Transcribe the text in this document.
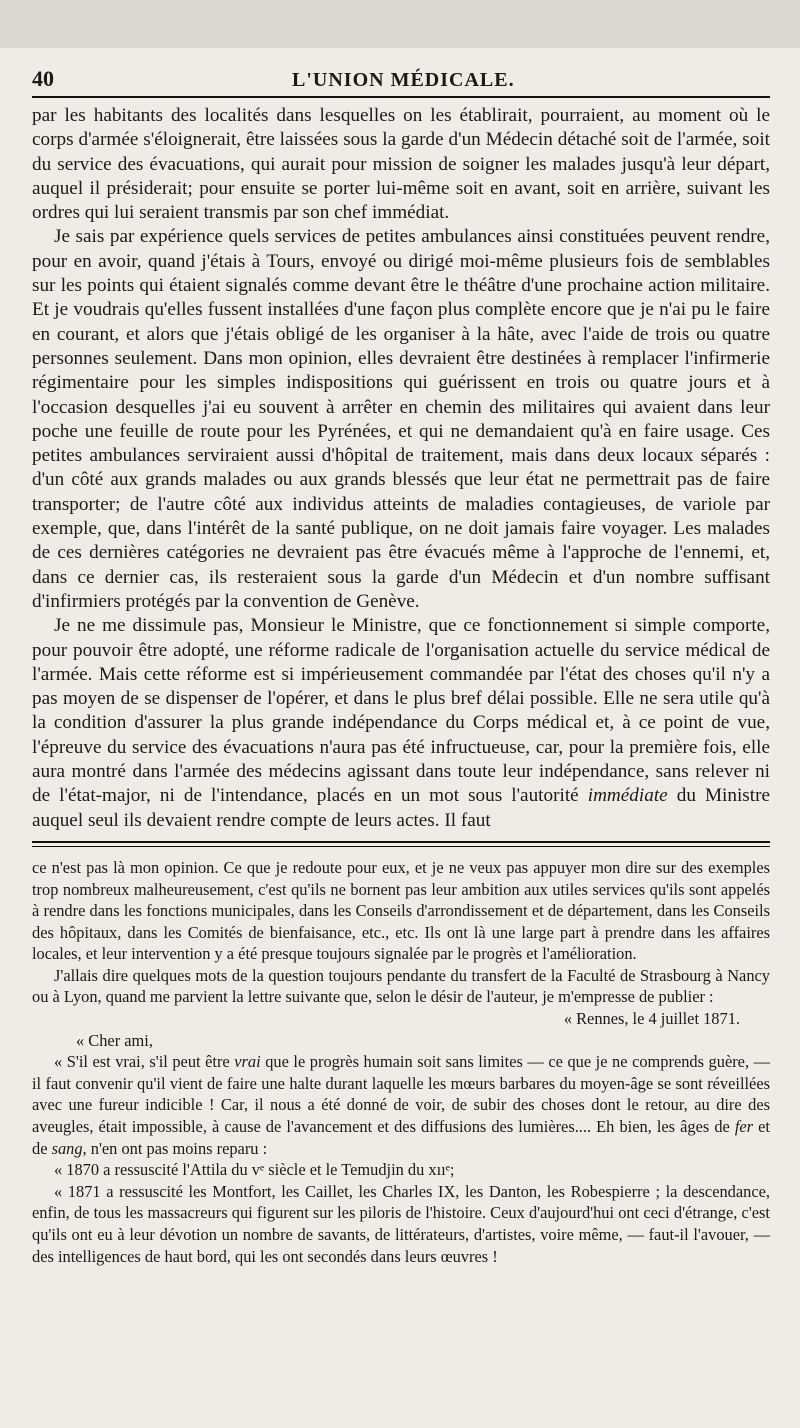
40	L'UNION MÉDICALE.

par les habitants des localités dans lesquelles on les établirait, pourraient, au moment où le corps d'armée s'éloignerait, être laissées sous la garde d'un Médecin détaché soit de l'armée, soit du service des évacuations, qui aurait pour mission de soigner les malades jusqu'à leur départ, auquel il présiderait; pour ensuite se porter lui-même soit en avant, soit en arrière, suivant les ordres qui lui seraient transmis par son chef immédiat.

Je sais par expérience quels services de petites ambulances ainsi constituées peuvent rendre, pour en avoir, quand j'étais à Tours, envoyé ou dirigé moi-même plusieurs fois de semblables sur les points qui étaient signalés comme devant être le théâtre d'une prochaine action militaire. Et je voudrais qu'elles fussent installées d'une façon plus complète encore que je n'ai pu le faire en courant, et alors que j'étais obligé de les organiser à la hâte, avec l'aide de trois ou quatre personnes seulement. Dans mon opinion, elles devraient être destinées à remplacer l'infirmerie régimentaire pour les simples indispositions qui guérissent en trois ou quatre jours et à l'occasion desquelles j'ai eu souvent à arrêter en chemin des militaires qui avaient dans leur poche une feuille de route pour les Pyrénées, et qui ne demandaient qu'à en faire usage. Ces petites ambulances serviraient aussi d'hôpital de traitement, mais dans deux locaux séparés : d'un côté aux grands malades ou aux grands blessés que leur état ne permettrait pas de faire transporter; de l'autre côté aux individus atteints de maladies contagieuses, de variole par exemple, que, dans l'intérêt de la santé publique, on ne doit jamais faire voyager. Les malades de ces dernières catégories ne devraient pas être évacués même à l'approche de l'ennemi, et, dans ce dernier cas, ils resteraient sous la garde d'un Médecin et d'un nombre suffisant d'infirmiers protégés par la convention de Genève.

Je ne me dissimule pas, Monsieur le Ministre, que ce fonctionnement si simple comporte, pour pouvoir être adopté, une réforme radicale de l'organisation actuelle du service médical de l'armée. Mais cette réforme est si impérieusement commandée par l'état des choses qu'il n'y a pas moyen de se dispenser de l'opérer, et dans le plus bref délai possible. Elle ne sera utile qu'à la condition d'assurer la plus grande indépendance du Corps médical et, à ce point de vue, l'épreuve du service des évacuations n'aura pas été infructueuse, car, pour la première fois, elle aura montré dans l'armée des médecins agissant dans toute leur indépendance, sans relever ni de l'état-major, ni de l'intendance, placés en un mot sous l'autorité immédiate du Ministre auquel seul ils devaient rendre compte de leurs actes. Il faut

ce n'est pas là mon opinion. Ce que je redoute pour eux, et je ne veux pas appuyer mon dire sur des exemples trop nombreux malheureusement, c'est qu'ils ne bornent pas leur ambition aux utiles services qu'ils sont appelés à rendre dans les fonctions municipales, dans les Conseils d'arrondissement et de département, dans les Conseils des hôpitaux, dans les Comités de bienfaisance, etc., etc. Ils ont là une large part à prendre dans les affaires locales, et leur intervention y a été presque toujours signalée par le progrès et l'amélioration.

J'allais dire quelques mots de la question toujours pendante du transfert de la Faculté de Strasbourg à Nancy ou à Lyon, quand me parvient la lettre suivante que, selon le désir de l'auteur, je m'empresse de publier :

« Rennes, le 4 juillet 1871.

« Cher ami,

« S'il est vrai, s'il peut être vrai que le progrès humain soit sans limites — ce que je ne comprends guère, — il faut convenir qu'il vient de faire une halte durant laquelle les mœurs barbares du moyen-âge se sont réveillées avec une fureur indicible ! Car, il nous a été donné de voir, de subir des choses dont le retour, au dire des aveugles, était impossible, à cause de l'avancement et des diffusions des lumières.... Eh bien, les âges de fer et de sang, n'en ont pas moins reparu :

« 1870 a ressuscité l'Attila du vᵉ siècle et le Temudjin du xııᵉ;

« 1871 a ressuscité les Montfort, les Caillet, les Charles IX, les Danton, les Robespierre ; la descendance, enfin, de tous les massacreurs qui figurent sur les piloris de l'histoire. Ceux d'aujourd'hui ont ceci d'étrange, c'est qu'ils ont eu à leur dévotion un nombre de savants, de littérateurs, d'artistes, voire même, — faut-il l'avouer, — des intelligences de haut bord, qui les ont secondés dans leurs œuvres !
